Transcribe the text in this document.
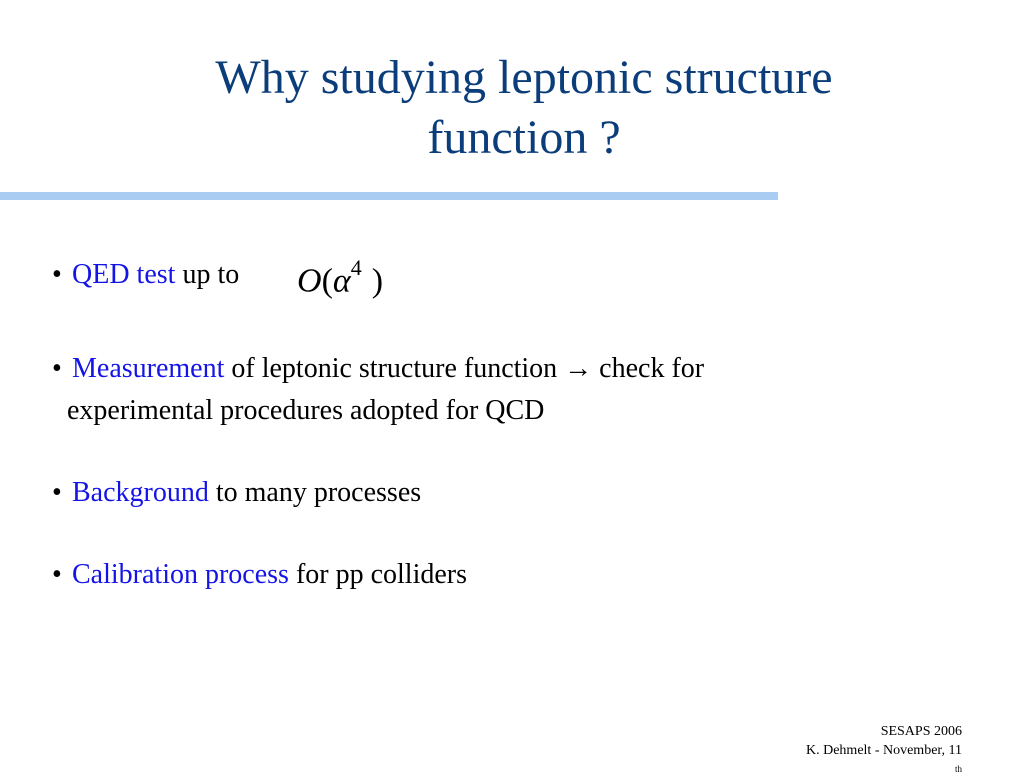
Why studying leptonic structure
function ?
• QED test up to $O(\alpha^4$ )
• Measurement of leptonic structure function → check for
experimental procedures adopted for QCD
• Background to many processes
• Calibration process for pp colliders
SESAPS 2006
K. Dehmelt - November, 11
$^{th}$
